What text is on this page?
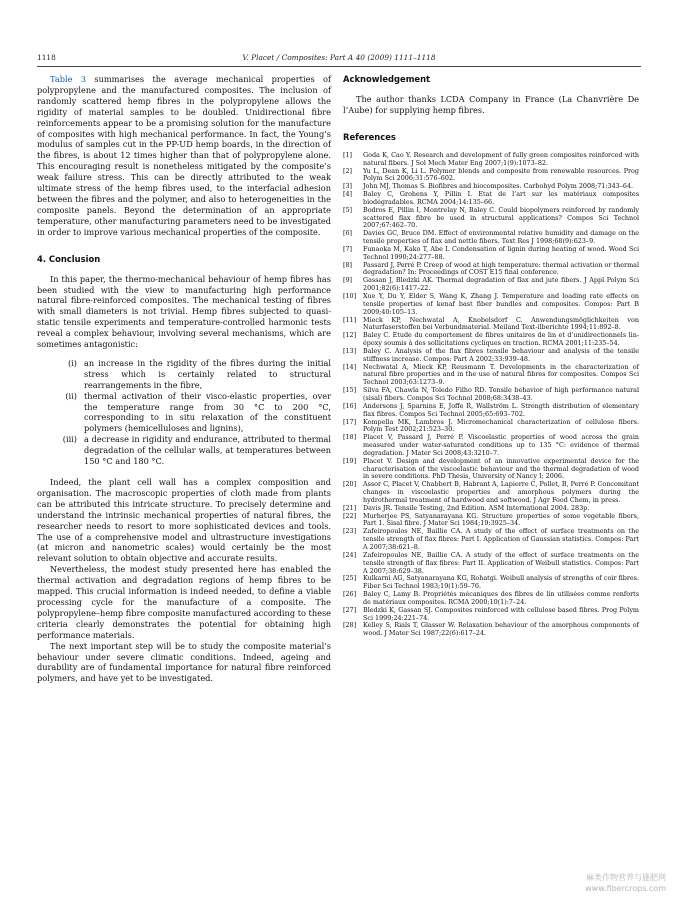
1118	V. Placet / Composites: Part A 40 (2009) 1111–1118

Table 3 summarises the average mechanical properties of polypropylene and the manufactured composites. The inclusion of randomly scattered hemp fibres in the polypropylene allows the rigidity of material samples to be doubled. Unidirectional fibre reinforcements appear to be a promising solution for the manufacture of composites with high mechanical performance. In fact, the Young’s modulus of samples cut in the PP-UD hemp boards, in the direction of the fibres, is about 12 times higher than that of polypropylene alone. This encouraging result is nonetheless mitigated by the composite’s weak failure stress. This can be directly attributed to the weak ultimate stress of the hemp fibres used, to the interfacial adhesion between the fibres and the polymer, and also to heterogeneities in the composite panels. Beyond the determination of an appropriate temperature, other manufacturing parameters need to be investigated in order to improve various mechanical properties of the composite.

4. Conclusion

In this paper, the thermo-mechanical behaviour of hemp fibres has been studied with the view to manufacturing high performance natural fibre-reinforced composites. The mechanical testing of fibres with small diameters is not trivial. Hemp fibres subjected to quasi-static tensile experiments and temperature-controlled harmonic tests reveal a complex behaviour, involving several mechanisms, which are sometimes antagonistic:

(i) an increase in the rigidity of the fibres during the initial stress which is certainly related to structural rearrangements in the fibre,
(ii) thermal activation of their visco-elastic properties, over the temperature range from 30 °C to 200 °C, corresponding to in situ relaxation of the constituent polymers (hemicelluloses and lignins),
(iii) a decrease in rigidity and endurance, attributed to thermal degradation of the cellular walls, at temperatures between 150 °C and 180 °C.

Indeed, the plant cell wall has a complex composition and organisation. The macroscopic properties of cloth made from plants can be attributed this intricate structure. To precisely determine and understand the intrinsic mechanical properties of natural fibres, the researcher needs to resort to more sophisticated devices and tools. The use of a comprehensive model and ultrastructure investigations (at micron and nanometric scales) would certainly be the most relevant solution to obtain objective and accurate results.

Nevertheless, the modest study presented here has enabled the thermal activation and degradation regions of hemp fibres to be mapped. This crucial information is indeed needed, to define a viable processing cycle for the manufacture of a composite. The polypropylene–hemp fibre composite manufactured according to these criteria clearly demonstrates the potential for obtaining high performance materials.

The next important step will be to study the composite material’s behaviour under severe climatic conditions. Indeed, ageing and durability are of fundamental importance for natural fibre reinforced polymers, and have yet to be investigated.

Acknowledgement

The author thanks LCDA Company in France (La Chanvrière De l’Aube) for supplying hemp fibres.

References
[1]	Goda K, Cao Y. Research and development of fully green composites reinforced with natural fibers. J Sol Mech Mater Eng 2007;1(9):1073–82.
[2]	Yu L, Dean K, Li L. Polymer blends and composite from renewable resources. Prog Polym Sci 2006;31:576–602.
[3]	John MJ, Thomas S. Biofibres and biocomposites. Carbohyd Polym 2008;71:343–64.
[4]	Baley C, Grohens Y, Pillin I. Etat de l’art sur les matériaux composites biodégradables. RCMA 2004;14:135–66.
[5]	Bodros E, Pillin I, Montrelay N, Baley C. Could biopolymers reinforced by randomly scattered flax fibre be used in structural applications? Compos Sci Technol 2007;67:462–70.
[6]	Davies GC, Bruce DM. Effect of environmental relative humidity and damage on the tensile properties of flax and nettle fibers. Text Res J 1998;68(9):623–9.
[7]	Funaoka M, Kako T, Abe I. Condensation of lignin during heating of wood. Wood Sci Technol 1990;24:277–88.
[8]	Passard J, Perré P. Creep of wood at high temperature: thermal activation or thermal degradation? In: Proceedings of COST E15 final conference.
[9]	Gassan J, Bledzki AK. Thermal degradation of flax and jute fibers. J Appl Polym Sci 2001;82(6):1417–22.
[10]	Xue Y, Du Y, Elder S, Wang K, Zhang J. Temperature and loading rate effects on tensile properties of kenaf bast fiber bundles and composites. Compos: Part B 2009;40:105–13.
[11]	Mieck KP, Nechwatal A, Knobelsdorf C. Anwendungsmöglichkeiten von Naturfaserstoffen bei Verbundmaterial. Meiland Text-ilberichte 1994;11:892–8.
[12]	Baley C. Etude du comportement de fibres unitaires de lin et d’unidirectionnels lin-époxy soumis à des sollicitations cycliques en traction. RCMA 2001;11:235–54.
[13]	Baley C. Analysis of the flax fibres tensile behaviour and analysis of the tensile stiffness increase. Compos: Part A 2002;33:939–48.
[14]	Nechwatal A, Mieck KP, Reusmann T. Developments in the characterization of natural fibre properties and in the use of natural fibres for composites. Compos Sci Technol 2003;63:1273–9.
[15]	Silva FA, Chawla N, Toledo Filho RD. Tensile behavior of high performance natural (sisal) fibers. Compos Sci Technol 2008;68:3438–43.
[16]	Andersons J, Sparnins E, Joffe R, Wallström L. Strength distribution of elementary flax fibres. Compos Sci Technol 2005;65:693–702.
[17]	Kompella MK, Lambros J. Micromechanical characterization of cellulose fibers. Polym Test 2002;21:523–30.
[18]	Placet V, Passard J, Perré P. Viscoelastic properties of wood across the grain measured under water-saturated conditions up to 135 °C: evidence of thermal degradation. J Mater Sci 2008;43:3210–7.
[19]	Placet V. Design and development of an innovative experimental device for the characterisation of the viscoelastic behaviour and the thermal degradation of wood in severe conditions. PhD Thesis, University of Nancy I; 2006.
[20]	Assor C, Placet V, Chabbert B, Habrant A, Lapierre C, Pollet, B, Perré P. Concomitant changes in viscoelastic properties and amorphous polymers during the hydrothermal treatment of hardwood and softwood. J Agr Food Chem, in press.
[21]	Davis JR. Tensile Testing, 2nd Edition. ASM International 2004. 283p.
[22]	Murherjee PS, Satyanarayana KG. Structure properties of some vegetable fibers, Part 1. Sisal fibre. J Mater Sci 1984;19:3925–34.
[23]	Zafeiropoulos NE, Baillie CA. A study of the effect of surface treatments on the tensile strength of flax fibres: Part I. Application of Gaussian statistics. Compos: Part A 2007;38:621–8.
[24]	Zafeiropoulos NE, Baillie CA. A study of the effect of surface treatments on the tensile strength of flax fibres: Part II. Application of Weibull statistics. Compos: Part A 2007;38:629–38.
[25]	Kulkarni AG, Satyanarayana KG, Rohatgi. Weibull analysis of strengths of coir fibres. Fiber Sci Technol 1983;19(1):59–76.
[26]	Baley C, Lamy B. Propriétés mécaniques des fibres de lin utilisées comme renforts de matériaux composites. RCMA 2000;10(1):7–24.
[27]	Bledzki K, Gassan SJ. Composites reinforced with cellulose based fibres. Prog Polym Sci 1999;24:221–74.
[28]	Kelley S, Rials T, Glasser W. Relaxation behaviour of the amorphous components of wood. J Mater Sci 1987;22(6):617–24.
麻类作物营养与施肥网
www.fibercrops.com
